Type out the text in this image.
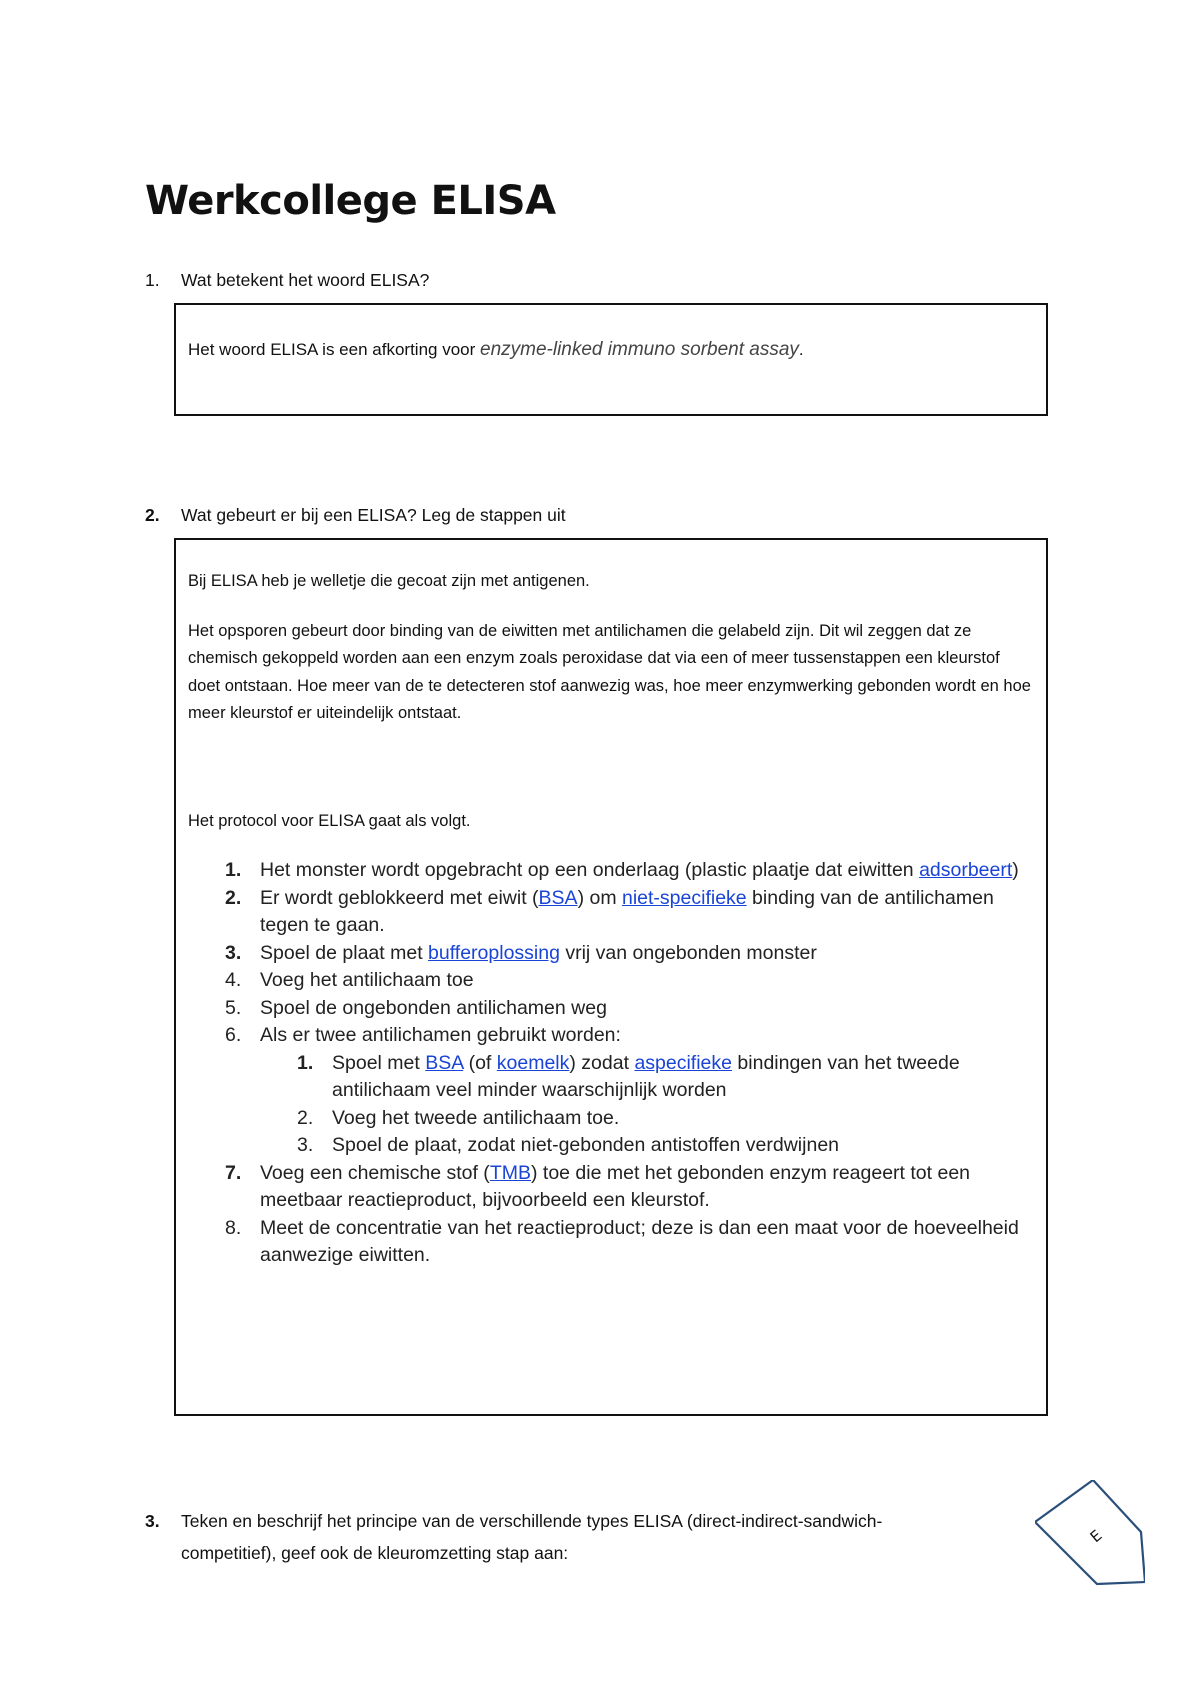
Werkcollege ELISA
1. Wat betekent het woord ELISA?
Het woord ELISA is een afkorting voor enzyme-linked immuno sorbent assay.
2. Wat gebeurt er bij een ELISA? Leg de stappen uit

Bij ELISA heb je welletje die gecoat zijn met antigenen.

Het opsporen gebeurt door binding van de eiwitten met antilichamen die gelabeld zijn. Dit wil zeggen dat ze chemisch gekoppeld worden aan een enzym zoals peroxidase dat via een of meer tussenstappen een kleurstof doet ontstaan. Hoe meer van de te detecteren stof aanwezig was, hoe meer enzymwerking gebonden wordt en hoe meer kleurstof er uiteindelijk ontstaat.

Het protocol voor ELISA gaat als volgt.

1. Het monster wordt opgebracht op een onderlaag (plastic plaatje dat eiwitten adsorbeert)
2. Er wordt geblokkeerd met eiwit (BSA) om niet-specifieke binding van de antilichamen tegen te gaan.
3. Spoel de plaat met bufferoplossing vrij van ongebonden monster
4. Voeg het antilichaam toe
5. Spoel de ongebonden antilichamen weg
6. Als er twee antilichamen gebruikt worden:
1. Spoel met BSA (of koemelk) zodat aspecifieke bindingen van het tweede antilichaam veel minder waarschijnlijk worden
2. Voeg het tweede antilichaam toe.
3. Spoel de plaat, zodat niet-gebonden antistoffen verdwijnen
7. Voeg een chemische stof (TMB) toe die met het gebonden enzym reageert tot een meetbaar reactieproduct, bijvoorbeeld een kleurstof.
8. Meet de concentratie van het reactieproduct; deze is dan een maat voor de hoeveelheid aanwezige eiwitten.
3. Teken en beschrijf het principe van de verschillende types ELISA (direct-indirect-sandwich-
competitief), geef ook de kleuromzetting stap aan:
E
